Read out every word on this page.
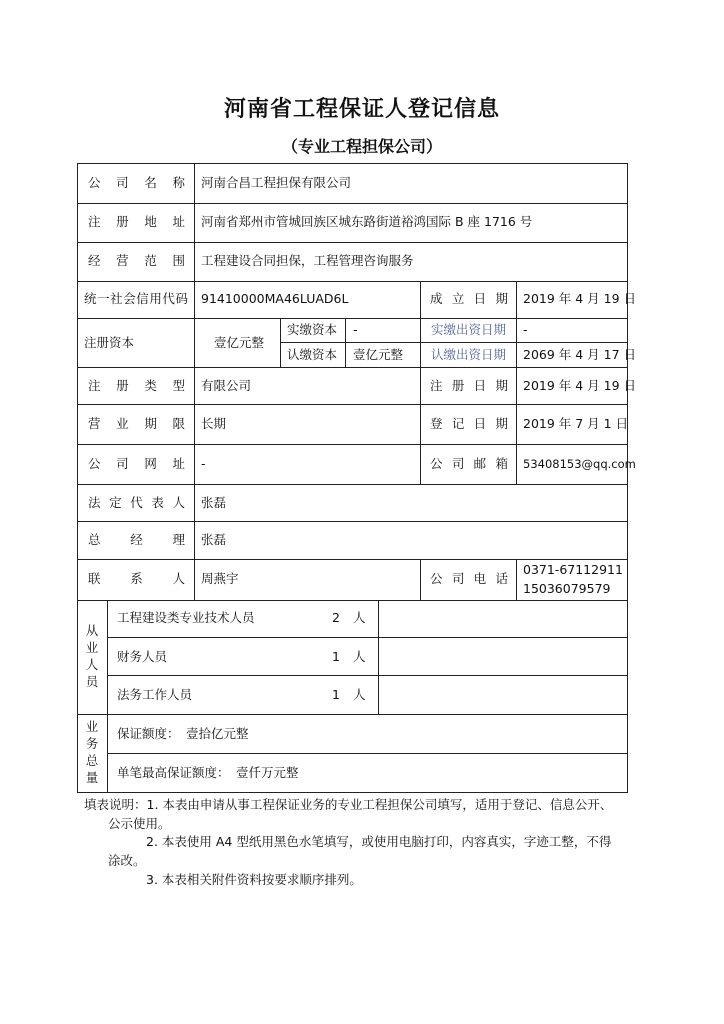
河南省工程保证人登记信息
（专业工程担保公司）
公司名称 河南合昌工程担保有限公司
注册地址 河南省郑州市管城回族区城东路街道裕鸿国际 B 座 1716 号
经营范围 工程建设合同担保，工程管理咨询服务
统一社会信用代码 91410000MA46LUAD6L	成立日期 2019 年 4 月 19 日
注册资本	壹亿元整
实缴资本 -	实缴出资日期 -
认缴资本 壹亿元整 认缴出资日期 2069 年 4 月 17 日
注册类型 有限公司	注册日期 2019 年 4 月 19 日
营业期限 长期	登记日期 2019 年 7 月 1 日
公司网址 -	公司邮箱 53408153@qq.com
法定代表人 张磊
总经理 张磊
联系人 周燕宇	公司电话
0371-67112911
15036079579
从业人员
工程建设类专业技术人员	2 人
财务人员	1 人
法务工作人员	1 人
业务总量
保证额度： 壹拾亿元整
单笔最高保证额度： 壹仟万元整
填表说明：1. 本表由申请从事工程保证业务的专业工程担保公司填写，适用于登记、信息公开、
公示使用。
2. 本表使用 A4 型纸用黑色水笔填写，或使用电脑打印，内容真实，字迹工整，不得
涂改。
3. 本表相关附件资料按要求顺序排列。
